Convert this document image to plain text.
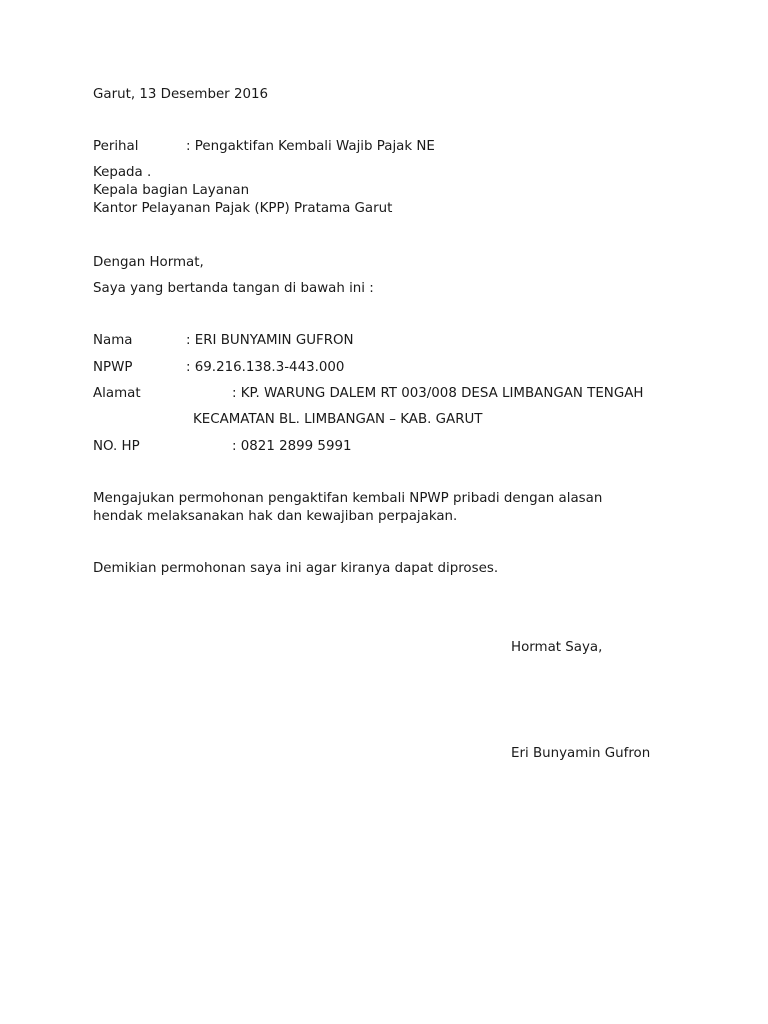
Garut, 13 Desember 2016
Perihal	: Pengaktifan Kembali Wajib Pajak NE
Kepada .
Kepala bagian Layanan
Kantor Pelayanan Pajak (KPP) Pratama Garut
Dengan Hormat,
Saya yang bertanda tangan di bawah ini :
Nama	: ERI BUNYAMIN GUFRON
NPWP	: 69.216.138.3-443.000
Alamat	: KP. WARUNG DALEM RT 003/008 DESA LIMBANGAN TENGAH
KECAMATAN BL. LIMBANGAN – KAB. GARUT
NO. HP	: 0821 2899 5991
Mengajukan permohonan pengaktifan kembali NPWP pribadi dengan alasan
hendak melaksanakan hak dan kewajiban perpajakan.
Demikian permohonan saya ini agar kiranya dapat diproses.
Hormat Saya,
Eri Bunyamin Gufron
